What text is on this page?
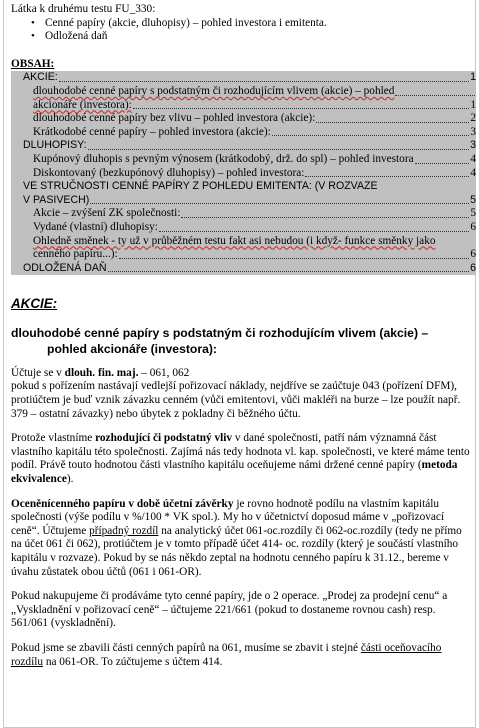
Látka k druhému testu FU_330:

• Cenné papíry (akcie, dluhopisy) – pohled investora i emitenta.
• Odložená daň

OBSAH:

AKCIE:	1
dlouhodobé cenné papíry s podstatným či rozhodujícím vlivem (akcie) – pohled
akcionáře (investora):	1
dlouhodobé cenné papíry bez vlivu – pohled investora (akcie):	2
Krátkodobé cenné papíry – pohled investora (akcie):	3
DLUHOPISY:	3
Kupónový dluhopis s pevným výnosem (krátkodobý, drž. do spl) – pohled investora	4
Diskontovaný (bezkupónový dluhopisy) – pohled investora:	4
VE STRUČNOSTI CENNÉ PAPÍRY Z POHLEDU EMITENTA: (V ROZVAZE
V PASIVECH)	5
Akcie – zvýšení ZK společnosti:	5
Vydané (vlastní) dluhopisy:	6
Ohledně směnek - ty už v průběžném testu fakt asi nebudou (i když- funkce směnky jako
cenného papíru...):	6
ODLOŽENÁ DAŇ	6
AKCIE:
dlouhodobé cenné papíry s podstatným či rozhodujícím vlivem (akcie) –
pohled akcionáře (investora):
Účtuje se v dlouh. fin. maj. – 061, 062
pokud s pořízením nastávají vedlejší pořizovací náklady, nejdříve se zaúčtuje 043 (pořízení DFM), protiúčtem je buď vznik závazku cenném (vůči emitentovi, vůči makléři na burze – lze použít např. 379 – ostatní závazky) nebo úbytek z pokladny či běžného účtu.
Protože vlastníme rozhodující či podstatný vliv v dané společnosti, patří nám významná část vlastního kapitálu této společnosti. Zajímá nás tedy hodnota vl. kap. společnosti, ve které máme tento podíl. Právě touto hodnotou části vlastního kapitálu oceňujeme námi držené cenné papíry (metoda ekvivalence).
Oceněnícenného papíru v době účetní závěrky je rovno hodnotě podílu na vlastním kapitálu společnosti (výše podílu v %/100 * VK spol.). My ho v účetnictví doposud máme v „pořizovací ceně“. Účtujeme případný rozdíl na analytický účet 061-oc.rozdíly či 062-oc.rozdíly (tedy ne přímo na účet 061 či 062), protiúčtem je v tomto případě účet 414- oc. rozdíly (který je součástí vlastního kapitálu v rozvaze). Pokud by se nás někdo zeptal na hodnotu cenného papíru k 31.12., bereme v úvahu zůstatek obou účtů (061 i 061-OR).
Pokud nakupujeme či prodáváme tyto cenné papíry, jde o 2 operace. „Prodej za prodejní cenu“ a „Vyskladnění v pořizovací ceně“ – účtujeme 221/661 (pokud to dostaneme rovnou cash) resp. 561/061 (vyskladnění).
Pokud jsme se zbavili části cenných papírů na 061, musíme se zbavit i stejné části oceňovacího rozdílu na 061-OR. To zúčtujeme s účtem 414.
